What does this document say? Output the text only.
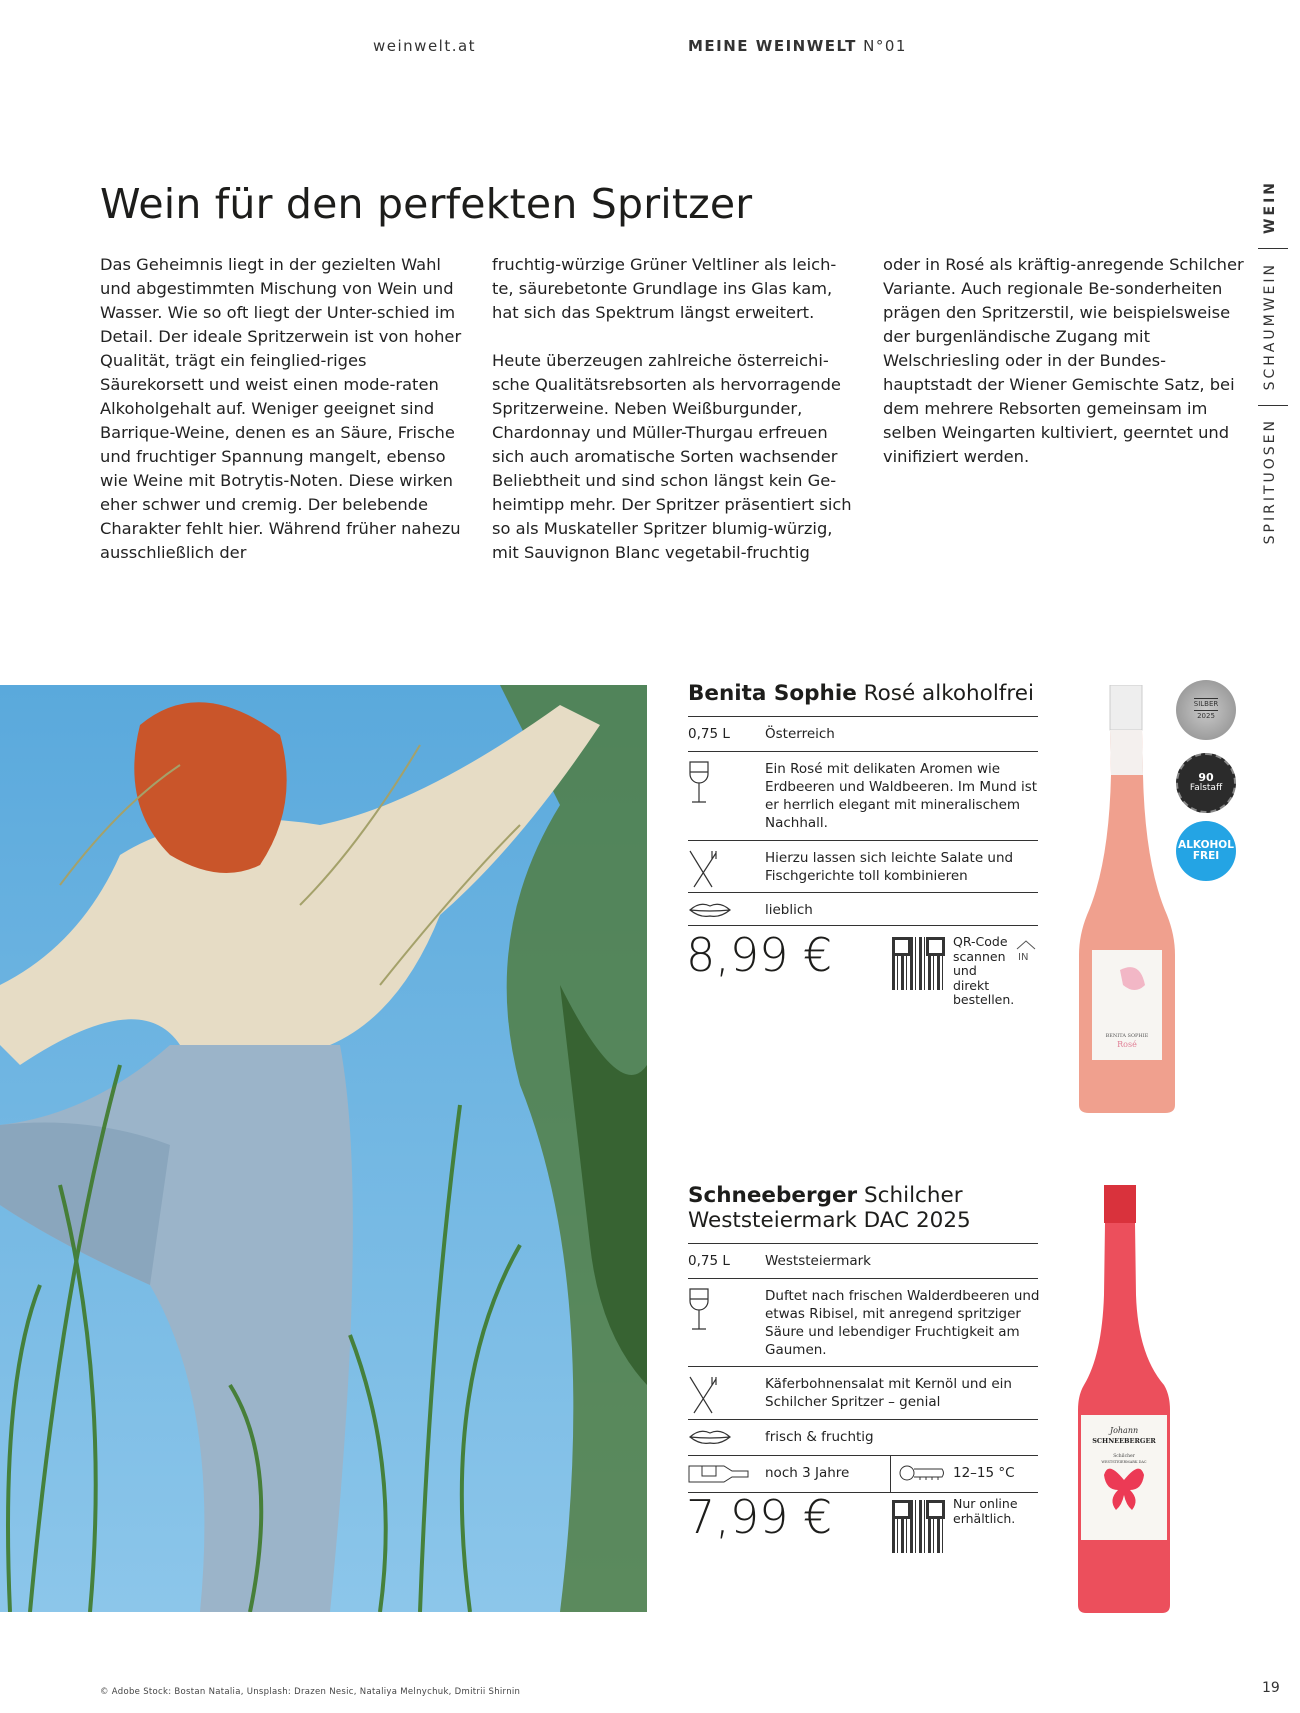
weinwelt.at	MEINE WEINWELT N°01
Wein für den perfekten Spritzer

Das Geheimnis liegt in der gezielten Wahl und abgestimmten Mischung von Wein und Wasser. Wie so oft liegt der Unter-schied im Detail. Der ideale Spritzerwein ist von hoher Qualität, trägt ein feinglied-riges Säurekorsett und weist einen mode-raten Alkoholgehalt auf. Weniger geeignet sind Barrique-Weine, denen es an Säure, Frische und fruchtiger Spannung mangelt, ebenso wie Weine mit Botrytis-Noten. Diese wirken eher schwer und cremig. Der belebende Charakter fehlt hier. Während früher nahezu ausschließlich der

fruchtig-würzige Grüner Veltliner als leich-te, säurebetonte Grundlage ins Glas kam, hat sich das Spektrum längst erweitert.

Heute überzeugen zahlreiche österreichi-sche Qualitätsrebsorten als hervorragende Spritzerweine. Neben Weißburgunder, Chardonnay und Müller-Thurgau erfreuen sich auch aromatische Sorten wachsender Beliebtheit und sind schon längst kein Ge-heimtipp mehr. Der Spritzer präsentiert sich so als Muskateller Spritzer blumig-würzig, mit Sauvignon Blanc vegetabil-fruchtig

oder in Rosé als kräftig-anregende Schilcher Variante. Auch regionale Be-sonderheiten prägen den Spritzerstil, wie beispielsweise der burgenländische Zugang mit Welschriesling oder in der Bundes-hauptstadt der Wiener Gemischte Satz, bei dem mehrere Rebsorten gemeinsam im selben Weingarten kultiviert, geerntet und vinifiziert werden.

WEIN
SCHAUMWEIN
SPIRITUOSEN
Benita Sophie Rosé alkoholfrei
0,75 L	Österreich
Ein Rosé mit delikaten Aromen wie Erdbeeren und Waldbeeren. Im Mund ist er herrlich elegant mit mineralischem Nachhall.
Hierzu lassen sich leichte Salate und Fischgerichte toll kombinieren
lieblich
8,99 €	QR-Code scannen und direkt bestellen.
IN
BENITA SOPHIE
Rosé
SILBER
2025
90
Falstaff
ALKOHOL FREI
Schneeberger Schilcher Weststeiermark DAC 2025
0,75 L	Weststeiermark
Duftet nach frischen Walderdbeeren und etwas Ribisel, mit anregend spritziger Säure und lebendiger Fruchtigkeit am Gaumen.
Käferbohnensalat mit Kernöl und ein Schilcher Spritzer – genial
frisch & fruchtig
noch 3 Jahre	12–15 °C
7,99 €	Nur online erhältlich.
Johann
SCHNEEBERGER
Schilcher
WESTSTEIERMARK DAC
© Adobe Stock: Bostan Natalia, Unsplash: Drazen Nesic, Nataliya Melnychuk, Dmitrii Shirnin	19
